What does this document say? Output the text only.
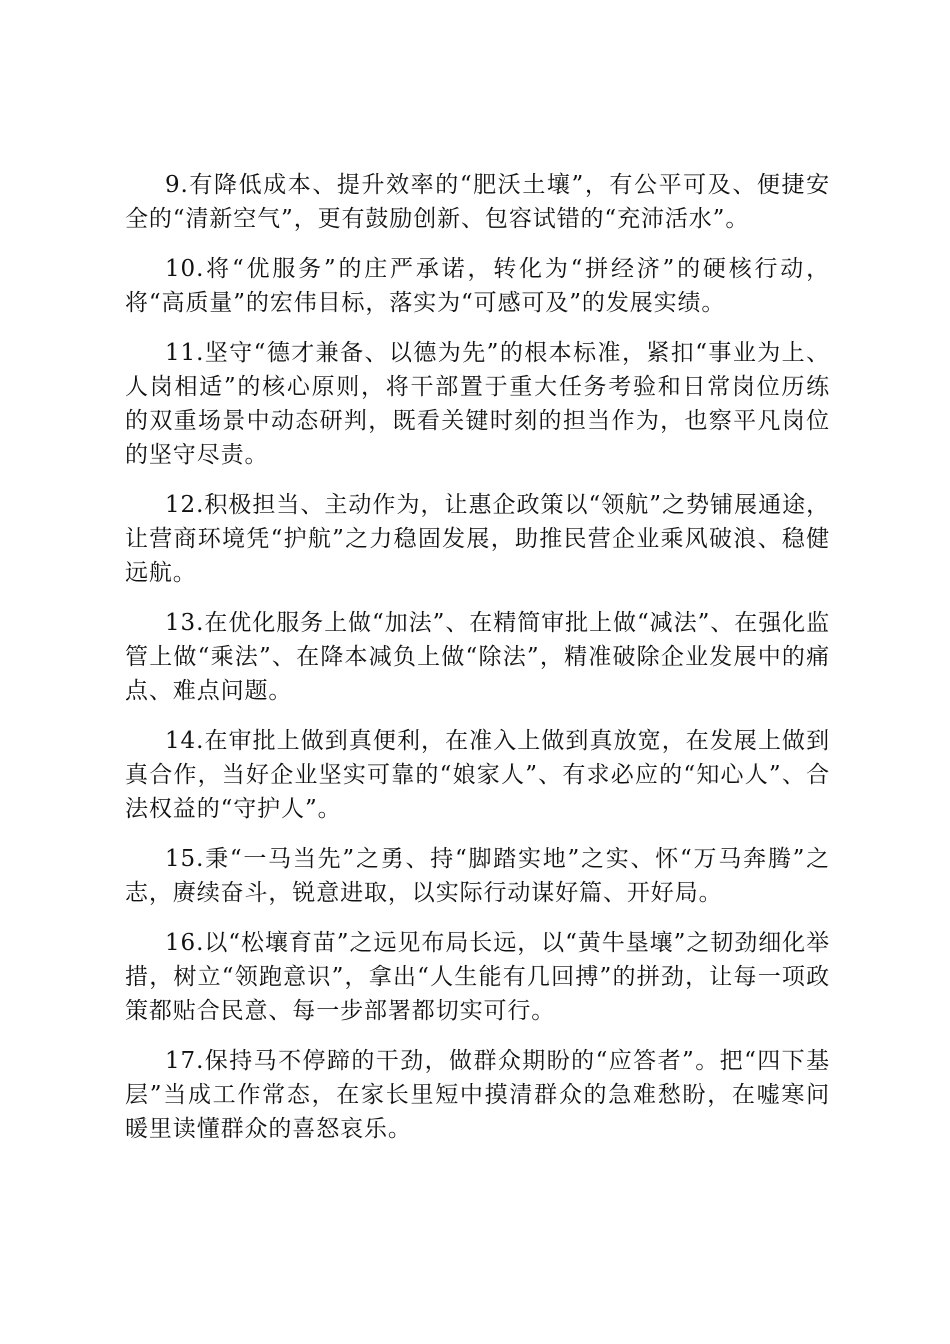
9.有降低成本、提升效率的“肥沃土壤”，有公平可及、便捷安全的“清新空气”，更有鼓励创新、包容试错的“充沛活水”。

10.将“优服务”的庄严承诺，转化为“拼经济”的硬核行动，将“高质量”的宏伟目标，落实为“可感可及”的发展实绩。

11.坚守“德才兼备、以德为先”的根本标准，紧扣“事业为上、人岗相适”的核心原则，将干部置于重大任务考验和日常岗位历练的双重场景中动态研判，既看关键时刻的担当作为，也察平凡岗位的坚守尽责。

12.积极担当、主动作为，让惠企政策以“领航”之势铺展通途，让营商环境凭“护航”之力稳固发展，助推民营企业乘风破浪、稳健远航。

13.在优化服务上做“加法”、在精简审批上做“减法”、在强化监管上做“乘法”、在降本减负上做“除法”，精准破除企业发展中的痛点、难点问题。

14.在审批上做到真便利，在准入上做到真放宽，在发展上做到真合作，当好企业坚实可靠的“娘家人”、有求必应的“知心人”、合法权益的“守护人”。

15.秉“一马当先”之勇、持“脚踏实地”之实、怀“万马奔腾”之志，赓续奋斗，锐意进取，以实际行动谋好篇、开好局。

16.以“松壤育苗”之远见布局长远，以“黄牛垦壤”之韧劲细化举措，树立“领跑意识”，拿出“人生能有几回搏”的拼劲，让每一项政策都贴合民意、每一步部署都切实可行。

17.保持马不停蹄的干劲，做群众期盼的“应答者”。把“四下基层”当成工作常态，在家长里短中摸清群众的急难愁盼，在嘘寒问暖里读懂群众的喜怒哀乐。
